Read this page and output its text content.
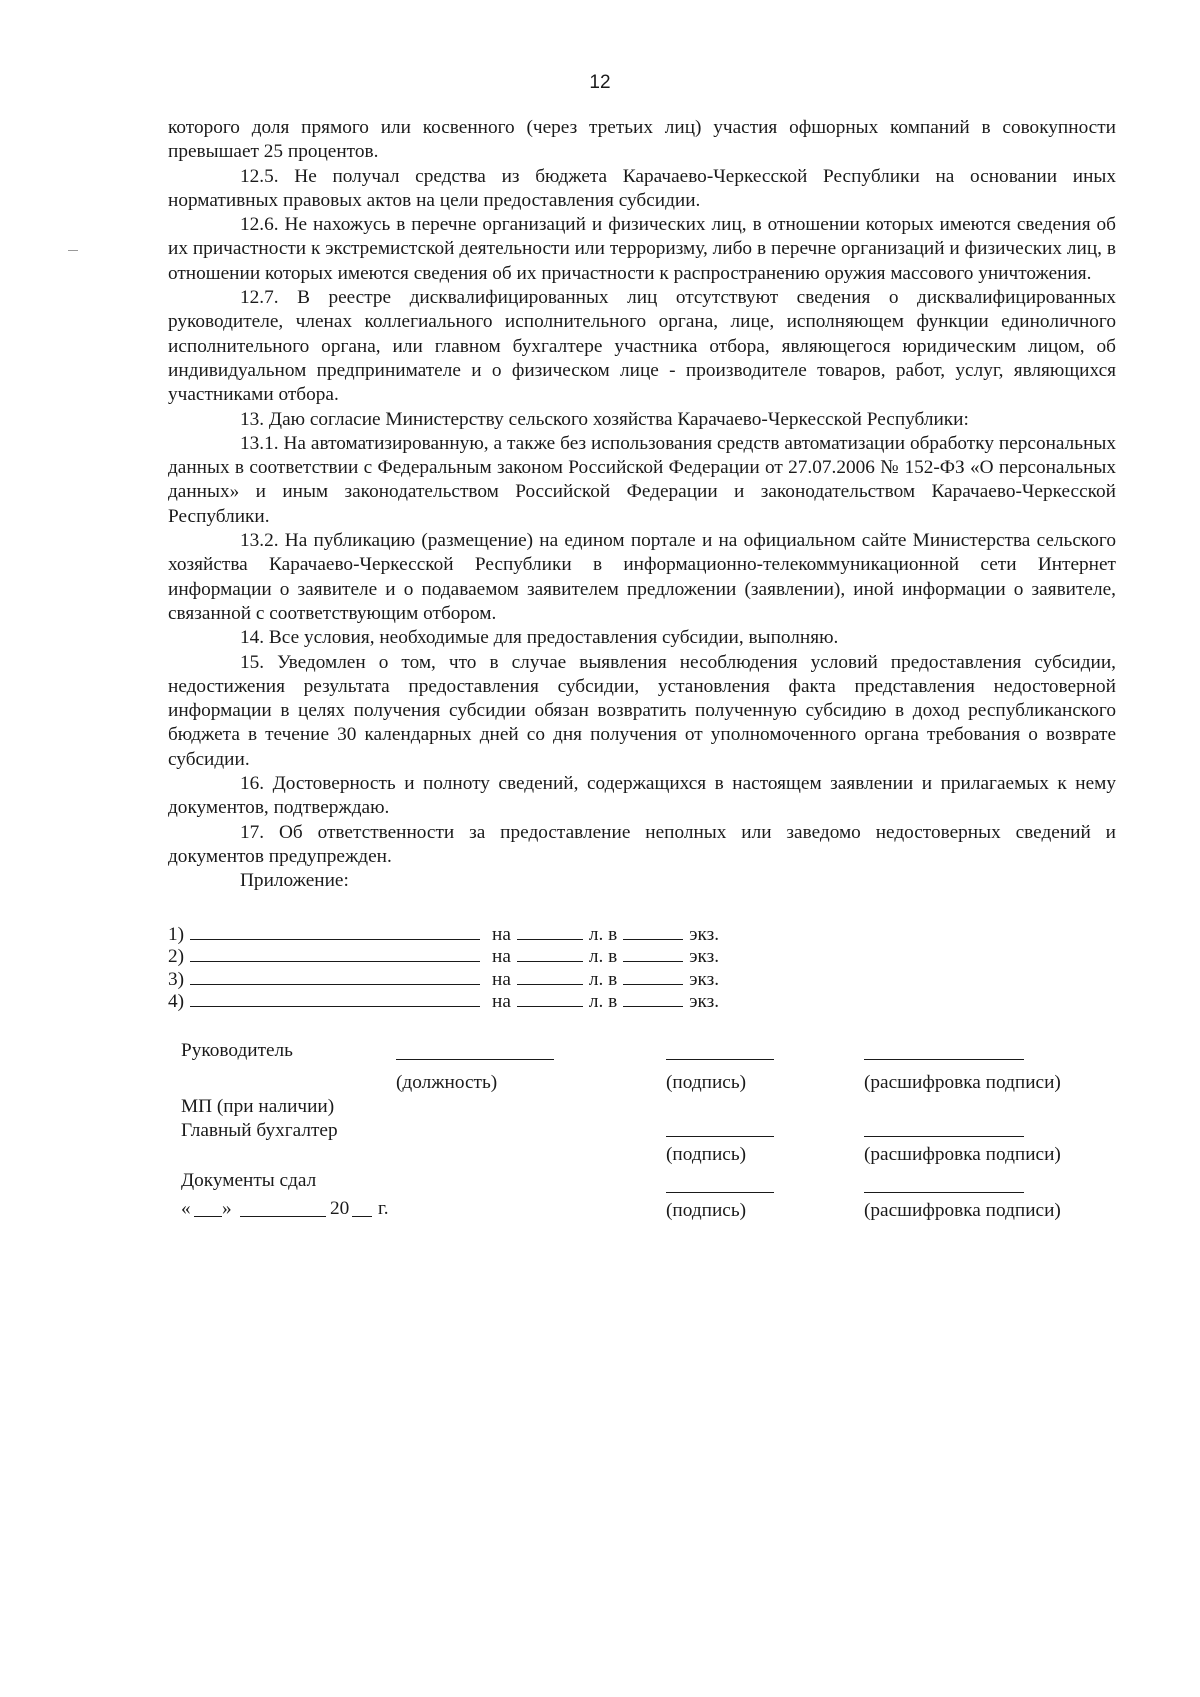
12

которого доля прямого или косвенного (через третьих лиц) участия офшорных компаний в совокупности превышает 25 процентов.

12.5. Не получал средства из бюджета Карачаево-Черкесской Республики на основании иных нормативных правовых актов на цели предоставления субсидии.

12.6. Не нахожусь в перечне организаций и физических лиц, в отношении которых имеются сведения об их причастности к экстремистской деятельности или терроризму, либо в перечне организаций и физических лиц, в отношении которых имеются сведения об их причастности к распространению оружия массового уничтожения.

12.7. В реестре дисквалифицированных лиц отсутствуют сведения о дисквалифицированных руководителе, членах коллегиального исполнительного органа, лице, исполняющем функции единоличного исполнительного органа, или главном бухгалтере участника отбора, являющегося юридическим лицом, об индивидуальном предпринимателе и о физическом лице - производителе товаров, работ, услуг, являющихся участниками отбора.

13. Даю согласие Министерству сельского хозяйства Карачаево-Черкесской Республики:

13.1. На автоматизированную, а также без использования средств автоматизации обработку персональных данных в соответствии с Федеральным законом Российской Федерации от 27.07.2006 № 152-ФЗ «О персональных данных» и иным законодательством Российской Федерации и законодательством Карачаево-Черкесской Республики.

13.2. На публикацию (размещение) на едином портале и на официальном сайте Министерства сельского хозяйства Карачаево-Черкесской Республики в информационно-телекоммуникационной сети Интернет информации о заявителе и о подаваемом заявителем предложении (заявлении), иной информации о заявителе, связанной с соответствующим отбором.

14. Все условия, необходимые для предоставления субсидии, выполняю.

15. Уведомлен о том, что в случае выявления несоблюдения условий предоставления субсидии, недостижения результата предоставления субсидии, установления факта представления недостоверной информации в целях получения субсидии обязан возвратить полученную субсидию в доход республиканского бюджета в течение 30 календарных дней со дня получения от уполномоченного органа требования о возврате субсидии.

16. Достоверность и полноту сведений, содержащихся в настоящем заявлении и прилагаемых к нему документов, подтверждаю.

17. Об ответственности за предоставление неполных или заведомо недостоверных сведений и документов предупрежден.

Приложение:

1)	на	л. в	экз.
2)	на	л. в	экз.
3)	на	л. в	экз.
4)	на	л. в	экз.
Руководитель
(должность)	(подпись)	(расшифровка подписи)
МП (при наличии)
Главный бухгалтер
(подпись)	(расшифровка подписи)
Документы сдал
« »	20 г.	(подпись)	(расшифровка подписи)
